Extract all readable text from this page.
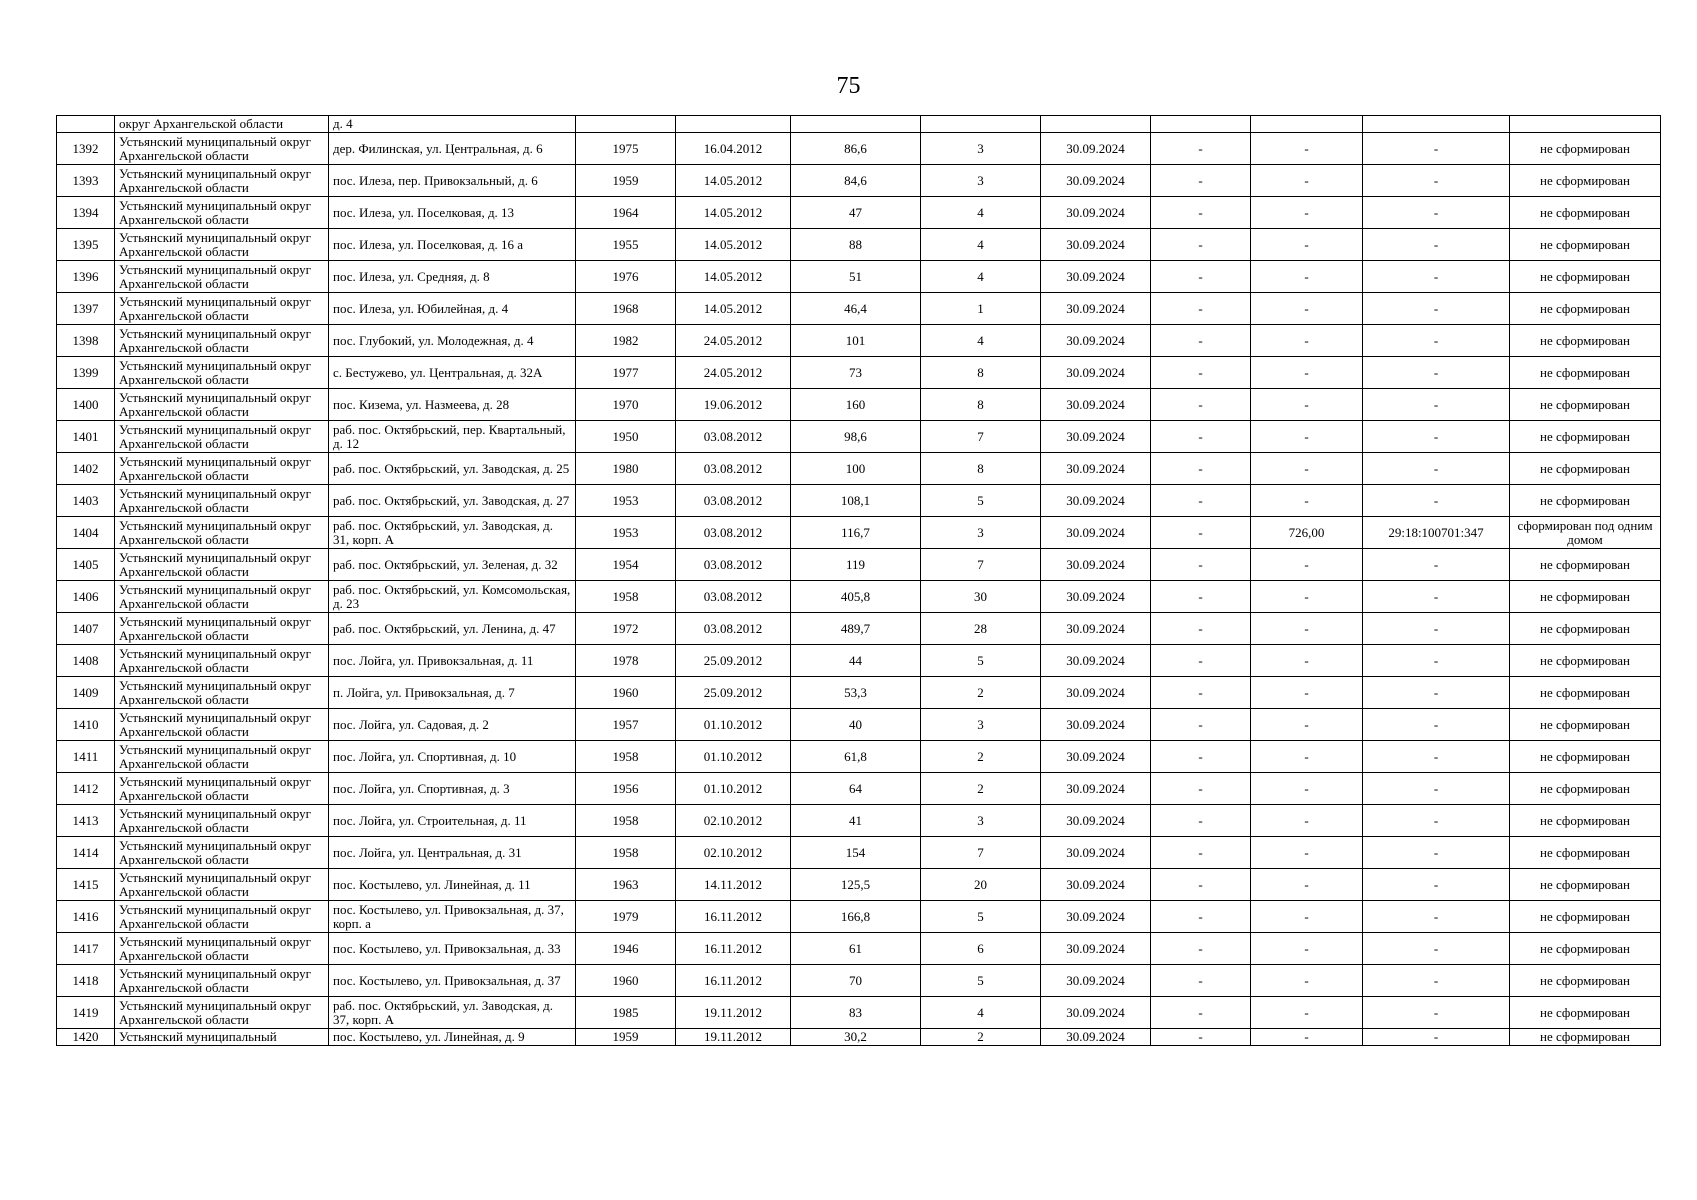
75
	округ Архангельской области	д. 4									
1392	Устьянский муниципальный округ Архангельской области	дер. Филинская, ул. Центральная, д. 6	1975	16.04.2012	86,6	3	30.09.2024	-	-	-	не сформирован
1393	Устьянский муниципальный округ Архангельской области	пос. Илеза, пер. Привокзальный, д. 6	1959	14.05.2012	84,6	3	30.09.2024	-	-	-	не сформирован
1394	Устьянский муниципальный округ Архангельской области	пос. Илеза, ул. Поселковая, д. 13	1964	14.05.2012	47	4	30.09.2024	-	-	-	не сформирован
1395	Устьянский муниципальный округ Архангельской области	пос. Илеза, ул. Поселковая, д. 16 а	1955	14.05.2012	88	4	30.09.2024	-	-	-	не сформирован
1396	Устьянский муниципальный округ Архангельской области	пос. Илеза, ул. Средняя, д. 8	1976	14.05.2012	51	4	30.09.2024	-	-	-	не сформирован
1397	Устьянский муниципальный округ Архангельской области	пос. Илеза, ул. Юбилейная, д. 4	1968	14.05.2012	46,4	1	30.09.2024	-	-	-	не сформирован
1398	Устьянский муниципальный округ Архангельской области	пос. Глубокий, ул. Молодежная, д. 4	1982	24.05.2012	101	4	30.09.2024	-	-	-	не сформирован
1399	Устьянский муниципальный округ Архангельской области	с. Бестужево, ул. Центральная, д. 32А	1977	24.05.2012	73	8	30.09.2024	-	-	-	не сформирован
1400	Устьянский муниципальный округ Архангельской области	пос. Кизема, ул. Назмеева, д. 28	1970	19.06.2012	160	8	30.09.2024	-	-	-	не сформирован
1401	Устьянский муниципальный округ Архангельской области	раб. пос. Октябрьский, пер. Квартальный, д. 12	1950	03.08.2012	98,6	7	30.09.2024	-	-	-	не сформирован
1402	Устьянский муниципальный округ Архангельской области	раб. пос. Октябрьский, ул. Заводская, д. 25	1980	03.08.2012	100	8	30.09.2024	-	-	-	не сформирован
1403	Устьянский муниципальный округ Архангельской области	раб. пос. Октябрьский, ул. Заводская, д. 27	1953	03.08.2012	108,1	5	30.09.2024	-	-	-	не сформирован
1404	Устьянский муниципальный округ Архангельской области	раб. пос. Октябрьский, ул. Заводская, д. 31, корп. А	1953	03.08.2012	116,7	3	30.09.2024	-	726,00	29:18:100701:347	сформирован под одним домом
1405	Устьянский муниципальный округ Архангельской области	раб. пос. Октябрьский, ул. Зеленая, д. 32	1954	03.08.2012	119	7	30.09.2024	-	-	-	не сформирован
1406	Устьянский муниципальный округ Архангельской области	раб. пос. Октябрьский, ул. Комсомольская, д. 23	1958	03.08.2012	405,8	30	30.09.2024	-	-	-	не сформирован
1407	Устьянский муниципальный округ Архангельской области	раб. пос. Октябрьский, ул. Ленина, д. 47	1972	03.08.2012	489,7	28	30.09.2024	-	-	-	не сформирован
1408	Устьянский муниципальный округ Архангельской области	пос. Лойга, ул. Привокзальная, д. 11	1978	25.09.2012	44	5	30.09.2024	-	-	-	не сформирован
1409	Устьянский муниципальный округ Архангельской области	п. Лойга, ул. Привокзальная, д. 7	1960	25.09.2012	53,3	2	30.09.2024	-	-	-	не сформирован
1410	Устьянский муниципальный округ Архангельской области	пос. Лойга, ул. Садовая, д. 2	1957	01.10.2012	40	3	30.09.2024	-	-	-	не сформирован
1411	Устьянский муниципальный округ Архангельской области	пос. Лойга, ул. Спортивная, д. 10	1958	01.10.2012	61,8	2	30.09.2024	-	-	-	не сформирован
1412	Устьянский муниципальный округ Архангельской области	пос. Лойга, ул. Спортивная, д. 3	1956	01.10.2012	64	2	30.09.2024	-	-	-	не сформирован
1413	Устьянский муниципальный округ Архангельской области	пос. Лойга, ул. Строительная, д. 11	1958	02.10.2012	41	3	30.09.2024	-	-	-	не сформирован
1414	Устьянский муниципальный округ Архангельской области	пос. Лойга, ул. Центральная, д. 31	1958	02.10.2012	154	7	30.09.2024	-	-	-	не сформирован
1415	Устьянский муниципальный округ Архангельской области	пос. Костылево, ул. Линейная, д. 11	1963	14.11.2012	125,5	20	30.09.2024	-	-	-	не сформирован
1416	Устьянский муниципальный округ Архангельской области	пос. Костылево, ул. Привокзальная, д. 37, корп. а	1979	16.11.2012	166,8	5	30.09.2024	-	-	-	не сформирован
1417	Устьянский муниципальный округ Архангельской области	пос. Костылево, ул. Привокзальная, д. 33	1946	16.11.2012	61	6	30.09.2024	-	-	-	не сформирован
1418	Устьянский муниципальный округ Архангельской области	пос. Костылево, ул. Привокзальная, д. 37	1960	16.11.2012	70	5	30.09.2024	-	-	-	не сформирован
1419	Устьянский муниципальный округ Архангельской области	раб. пос. Октябрьский, ул. Заводская, д. 37, корп. А	1985	19.11.2012	83	4	30.09.2024	-	-	-	не сформирован
1420	Устьянский муниципальный	пос. Костылево, ул. Линейная, д. 9	1959	19.11.2012	30,2	2	30.09.2024	-	-	-	не сформирован
